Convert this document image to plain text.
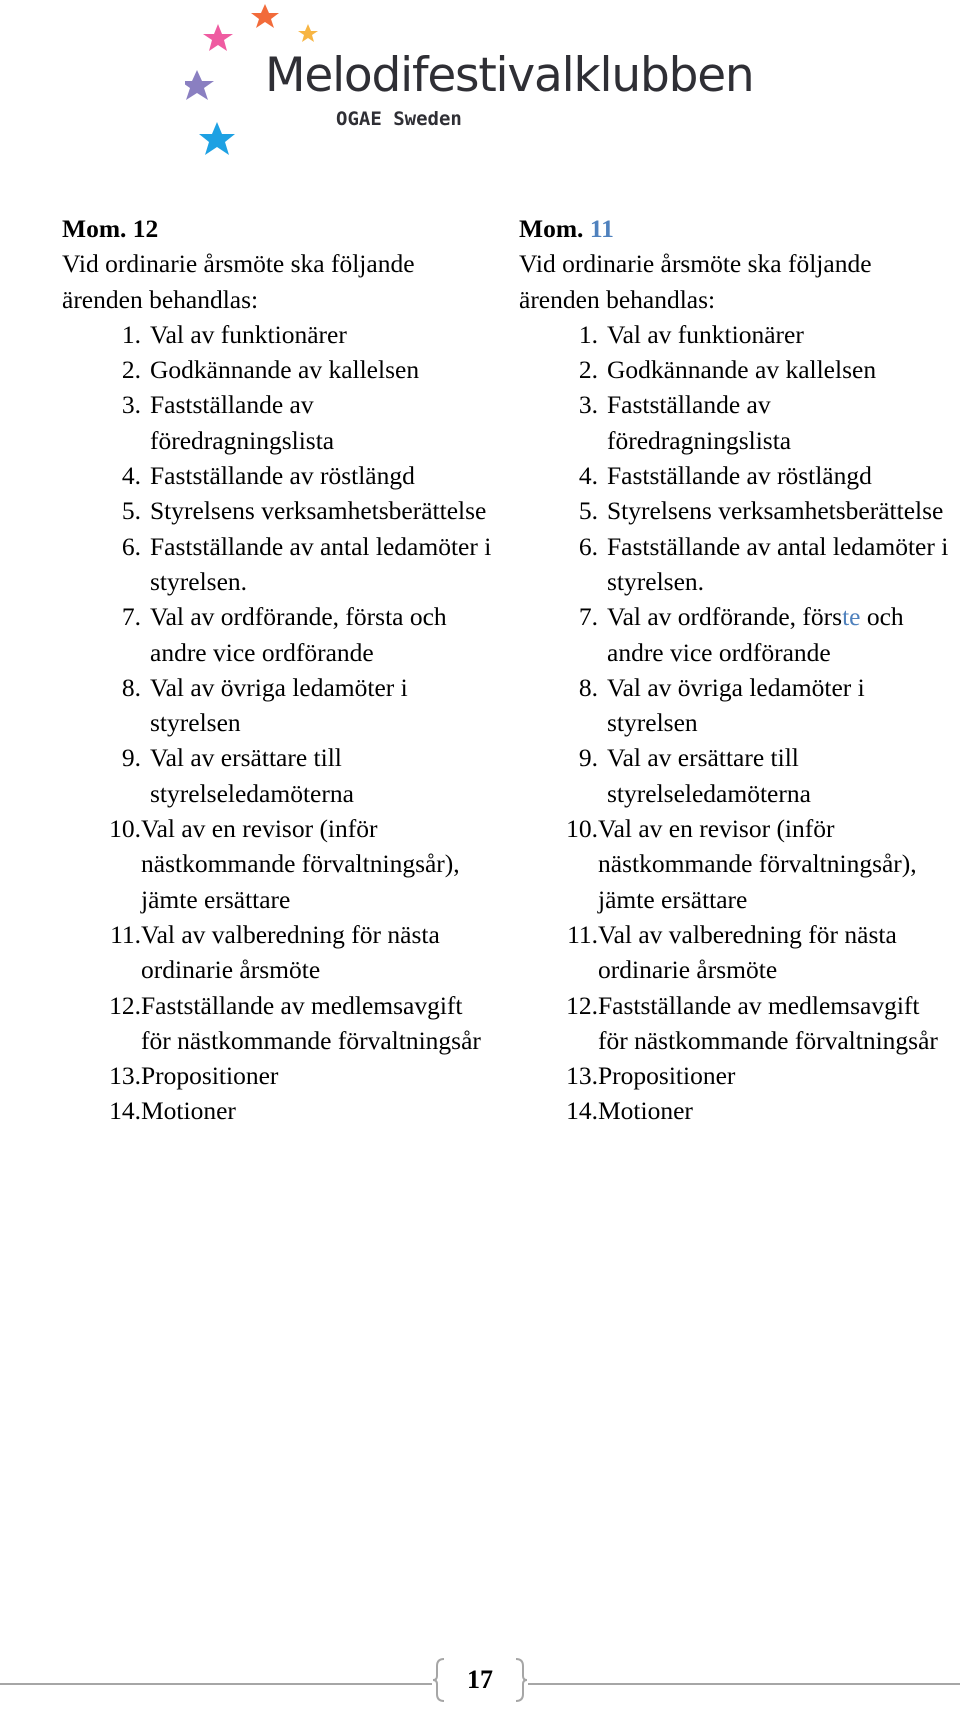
Melodifestivalklubben
OGAE Sweden
Mom. 12
Vid ordinarie årsmöte ska följande ärenden behandlas:
1. Val av funktionärer
2. Godkännande av kallelsen
3. Fastställande av föredragningslista
4. Fastställande av röstlängd
5. Styrelsens verksamhetsberättelse
6. Fastställande av antal ledamöter i styrelsen.
7. Val av ordförande, första och andre vice ordförande
8. Val av övriga ledamöter i styrelsen
9. Val av ersättare till styrelseledamöterna
10. Val av en revisor (inför nästkommande förvaltningsår), jämte ersättare
11. Val av valberedning för nästa ordinarie årsmöte
12. Fastställande av medlemsavgift för nästkommande förvaltningsår
13. Propositioner
14. Motioner
Mom. 11
Vid ordinarie årsmöte ska följande ärenden behandlas:
1. Val av funktionärer
2. Godkännande av kallelsen
3. Fastställande av föredragningslista
4. Fastställande av röstlängd
5. Styrelsens verksamhetsberättelse
6. Fastställande av antal ledamöter i styrelsen.
7. Val av ordförande, förste och andre vice ordförande
8. Val av övriga ledamöter i styrelsen
9. Val av ersättare till styrelseledamöterna
10. Val av en revisor (inför nästkommande förvaltningsår), jämte ersättare
11. Val av valberedning för nästa ordinarie årsmöte
12. Fastställande av medlemsavgift för nästkommande förvaltningsår
13. Propositioner
14. Motioner
17
